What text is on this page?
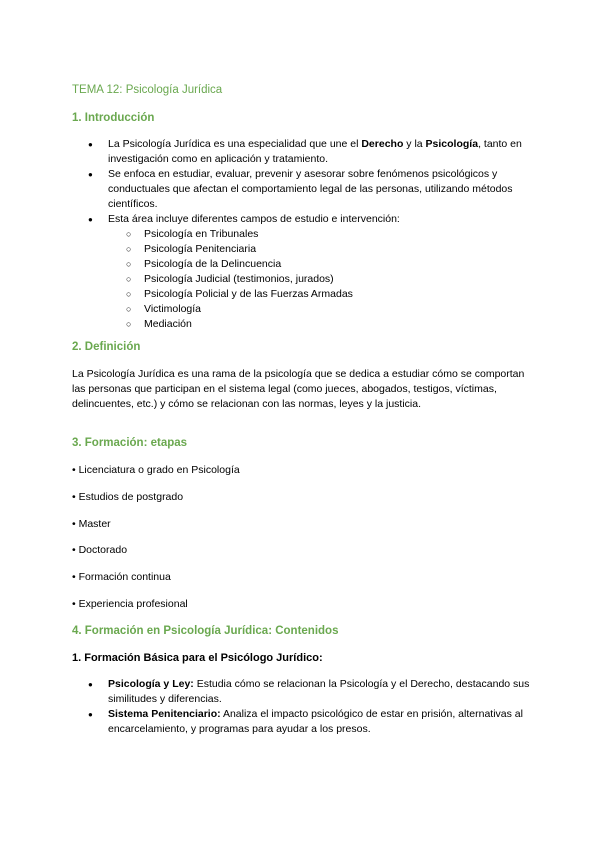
TEMA 12: Psicología Jurídica
1. Introducción
● La Psicología Jurídica es una especialidad que une el Derecho y la Psicología, tanto en investigación como en aplicación y tratamiento.
● Se enfoca en estudiar, evaluar, prevenir y asesorar sobre fenómenos psicológicos y conductuales que afectan el comportamiento legal de las personas, utilizando métodos científicos.
● Esta área incluye diferentes campos de estudio e intervención:
○ Psicología en Tribunales
○ Psicología Penitenciaria
○ Psicología de la Delincuencia
○ Psicología Judicial (testimonios, jurados)
○ Psicología Policial y de las Fuerzas Armadas
○ Victimología
○ Mediación
2. Definición
La Psicología Jurídica es una rama de la psicología que se dedica a estudiar cómo se comportan las personas que participan en el sistema legal (como jueces, abogados, testigos, víctimas, delincuentes, etc.) y cómo se relacionan con las normas, leyes y la justicia.
3. Formación: etapas
• Licenciatura o grado en Psicología
• Estudios de postgrado
• Master
• Doctorado
• Formación continua
• Experiencia profesional
4. Formación en Psicología Jurídica: Contenidos
1. Formación Básica para el Psicólogo Jurídico:
● Psicología y Ley: Estudia cómo se relacionan la Psicología y el Derecho, destacando sus similitudes y diferencias.
● Sistema Penitenciario: Analiza el impacto psicológico de estar en prisión, alternativas al encarcelamiento, y programas para ayudar a los presos.
